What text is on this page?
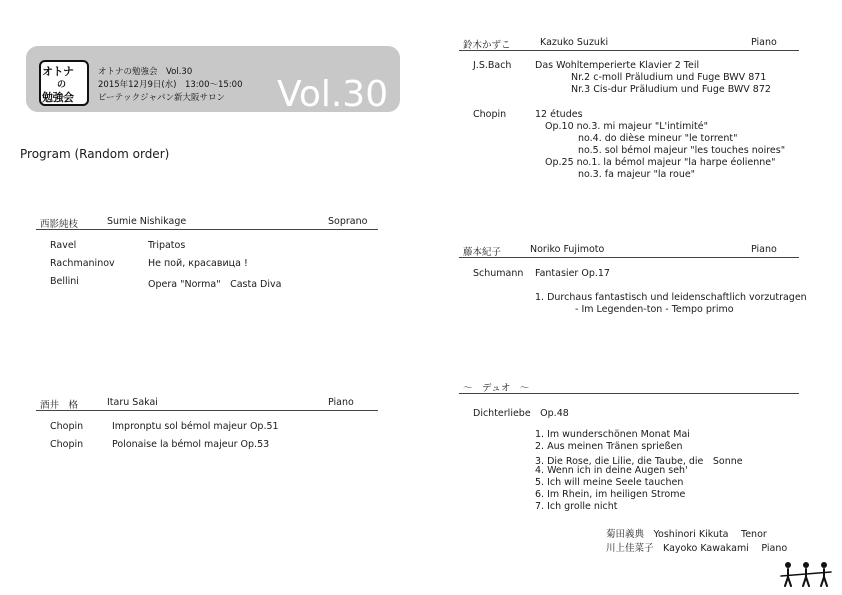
オトナ
の
勉強会
オトナの勉強会　Vol.30
2015年12月9日(水)　13:00～15:00
ピーテックジャパン新大阪サロン Vol.30
Program (Random order)
西影純枝	Sumie Nishikage	Soprano
Ravel	Tripatos
Rachmaninov	Не пой, красавица !
Bellini	Opera "Norma"　Casta Diva
酒井　格	Itaru Sakai	Piano
Chopin	Impronptu sol bémol majeur Op.51
Chopin	Polonaise la bémol majeur Op.53
鈴木かずこ	Kazuko Suzuki	Piano
J.S.Bach Das Wohltemperierte Klavier 2 Teil
Nr.2 c-moll Präludium und Fuge BWV 871
Nr.3 Cis-dur Präludium und Fuge BWV 872
Chopin	12 études
Op.10 no.3. mi majeur "L'intimité"
no.4. do dièse mineur "le torrent"
no.5. sol bémol majeur "les touches noires"
Op.25 no.1. la bémol majeur "la harpe éolienne"
no.3. fa majeur "la roue"
藤本紀子	Noriko Fujimoto	Piano
Schumann Fantasier Op.17
1. Durchaus fantastisch und leidenschaftlich vorzutragen
- Im Legenden-ton - Tempo primo
～　デュオ　～
Dichterliebe　Op.48
1. Im wunderschönen Monat Mai
2. Aus meinen Tränen sprießen
3. Die Rose, die Lilie, die Taube, die　Sonne
4. Wenn ich in deine Augen seh'
5. Ich will meine Seele tauchen
6. Im Rhein, im heiligen Strome
7. Ich grolle nicht
菊田義典　Yoshinori Kikuta　 Tenor
川上佳菜子　Kayoko Kawakami　 Piano
